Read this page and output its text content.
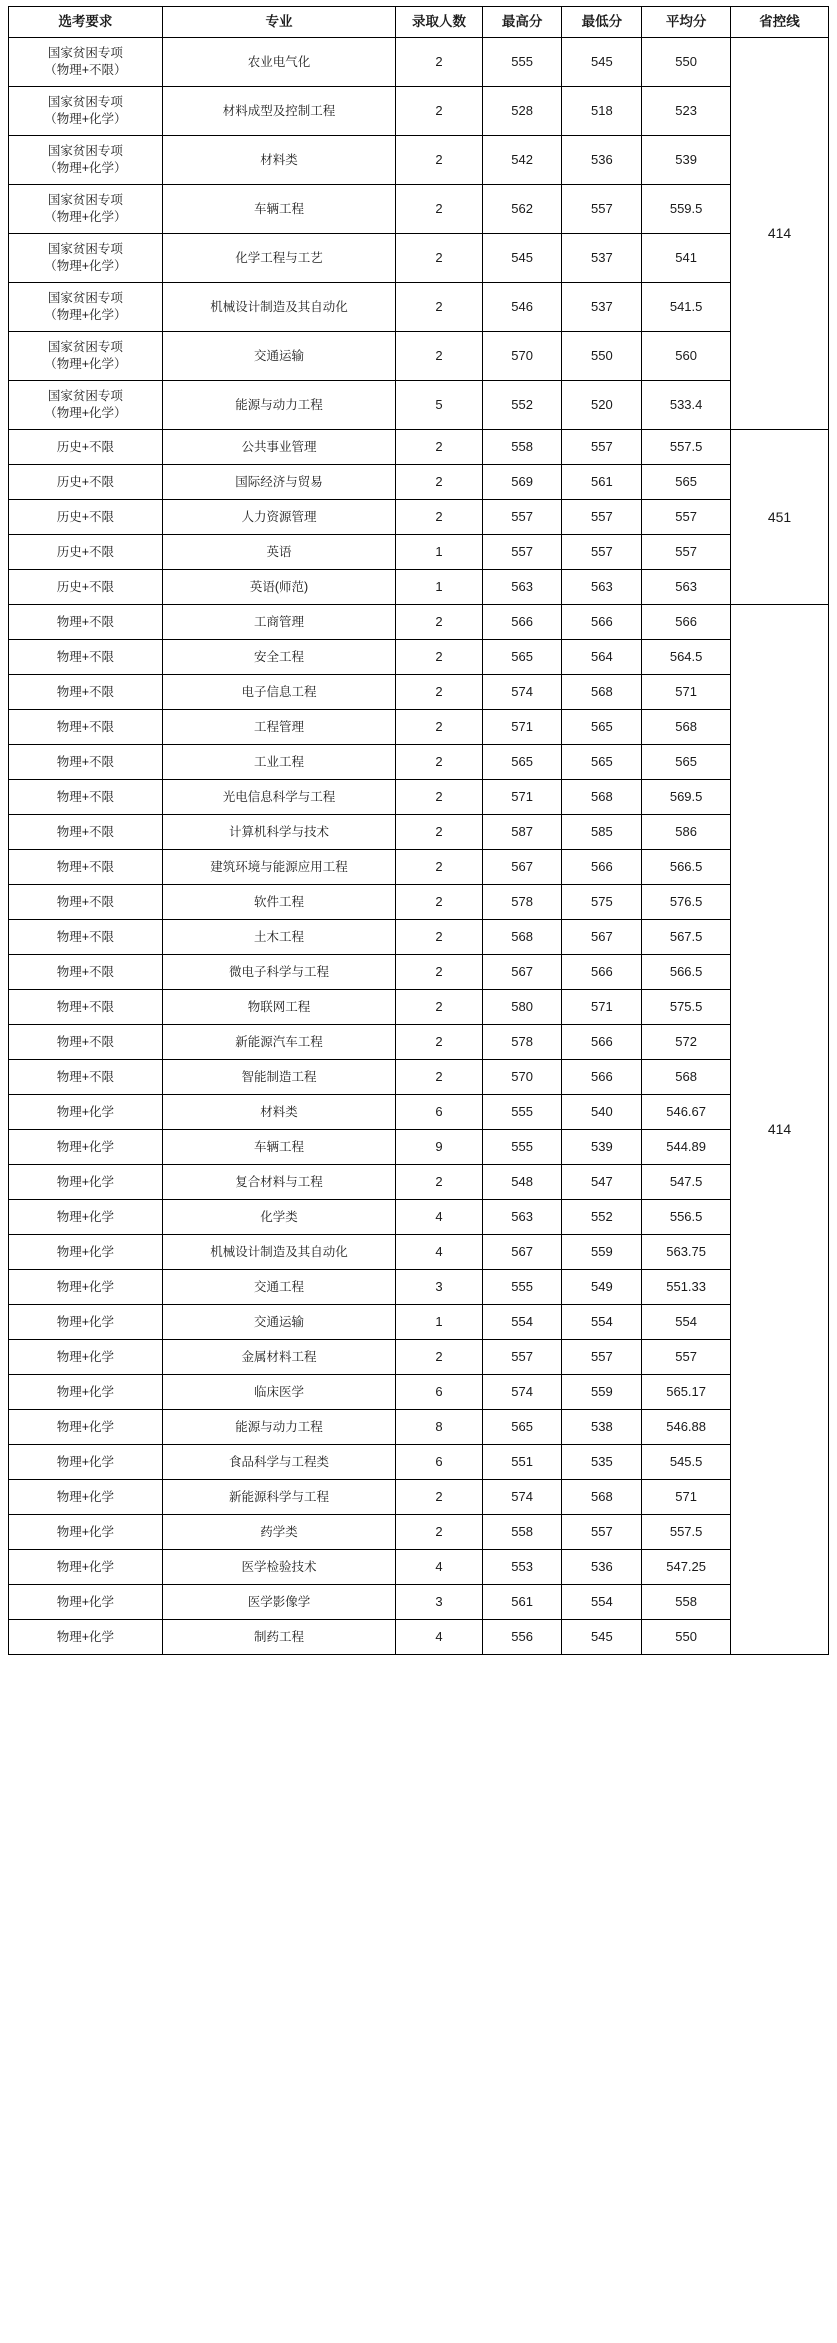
选考要求	专业	录取人数	最高分	最低分	平均分	省控线
国家贫困专项
（物理+不限）	农业电气化	2	555	545	550	414
国家贫困专项
（物理+化学）	材料成型及控制工程	2	528	518	523	
国家贫困专项
（物理+化学）	材料类	2	542	536	539	
国家贫困专项
（物理+化学）	车辆工程	2	562	557	559.5	
国家贫困专项
（物理+化学）	化学工程与工艺	2	545	537	541	
国家贫困专项
（物理+化学）	机械设计制造及其自动化	2	546	537	541.5	
国家贫困专项
（物理+化学）	交通运输	2	570	550	560	
国家贫困专项
（物理+化学）	能源与动力工程	5	552	520	533.4	
历史+不限	公共事业管理	2	558	557	557.5	451
历史+不限	国际经济与贸易	2	569	561	565	
历史+不限	人力资源管理	2	557	557	557	
历史+不限	英语	1	557	557	557	
历史+不限	英语(师范)	1	563	563	563	
物理+不限	工商管理	2	566	566	566	414
物理+不限	安全工程	2	565	564	564.5	
物理+不限	电子信息工程	2	574	568	571	
物理+不限	工程管理	2	571	565	568	
物理+不限	工业工程	2	565	565	565	
物理+不限	光电信息科学与工程	2	571	568	569.5	
物理+不限	计算机科学与技术	2	587	585	586	
物理+不限	建筑环境与能源应用工程	2	567	566	566.5	
物理+不限	软件工程	2	578	575	576.5	
物理+不限	土木工程	2	568	567	567.5	
物理+不限	微电子科学与工程	2	567	566	566.5	
物理+不限	物联网工程	2	580	571	575.5	
物理+不限	新能源汽车工程	2	578	566	572	
物理+不限	智能制造工程	2	570	566	568	
物理+化学	材料类	6	555	540	546.67	
物理+化学	车辆工程	9	555	539	544.89	
物理+化学	复合材料与工程	2	548	547	547.5	
物理+化学	化学类	4	563	552	556.5	
物理+化学	机械设计制造及其自动化	4	567	559	563.75	
物理+化学	交通工程	3	555	549	551.33	
物理+化学	交通运输	1	554	554	554	
物理+化学	金属材料工程	2	557	557	557	
物理+化学	临床医学	6	574	559	565.17	
物理+化学	能源与动力工程	8	565	538	546.88	
物理+化学	食品科学与工程类	6	551	535	545.5	
物理+化学	新能源科学与工程	2	574	568	571	
物理+化学	药学类	2	558	557	557.5	
物理+化学	医学检验技术	4	553	536	547.25	
物理+化学	医学影像学	3	561	554	558	
物理+化学	制药工程	4	556	545	550	
